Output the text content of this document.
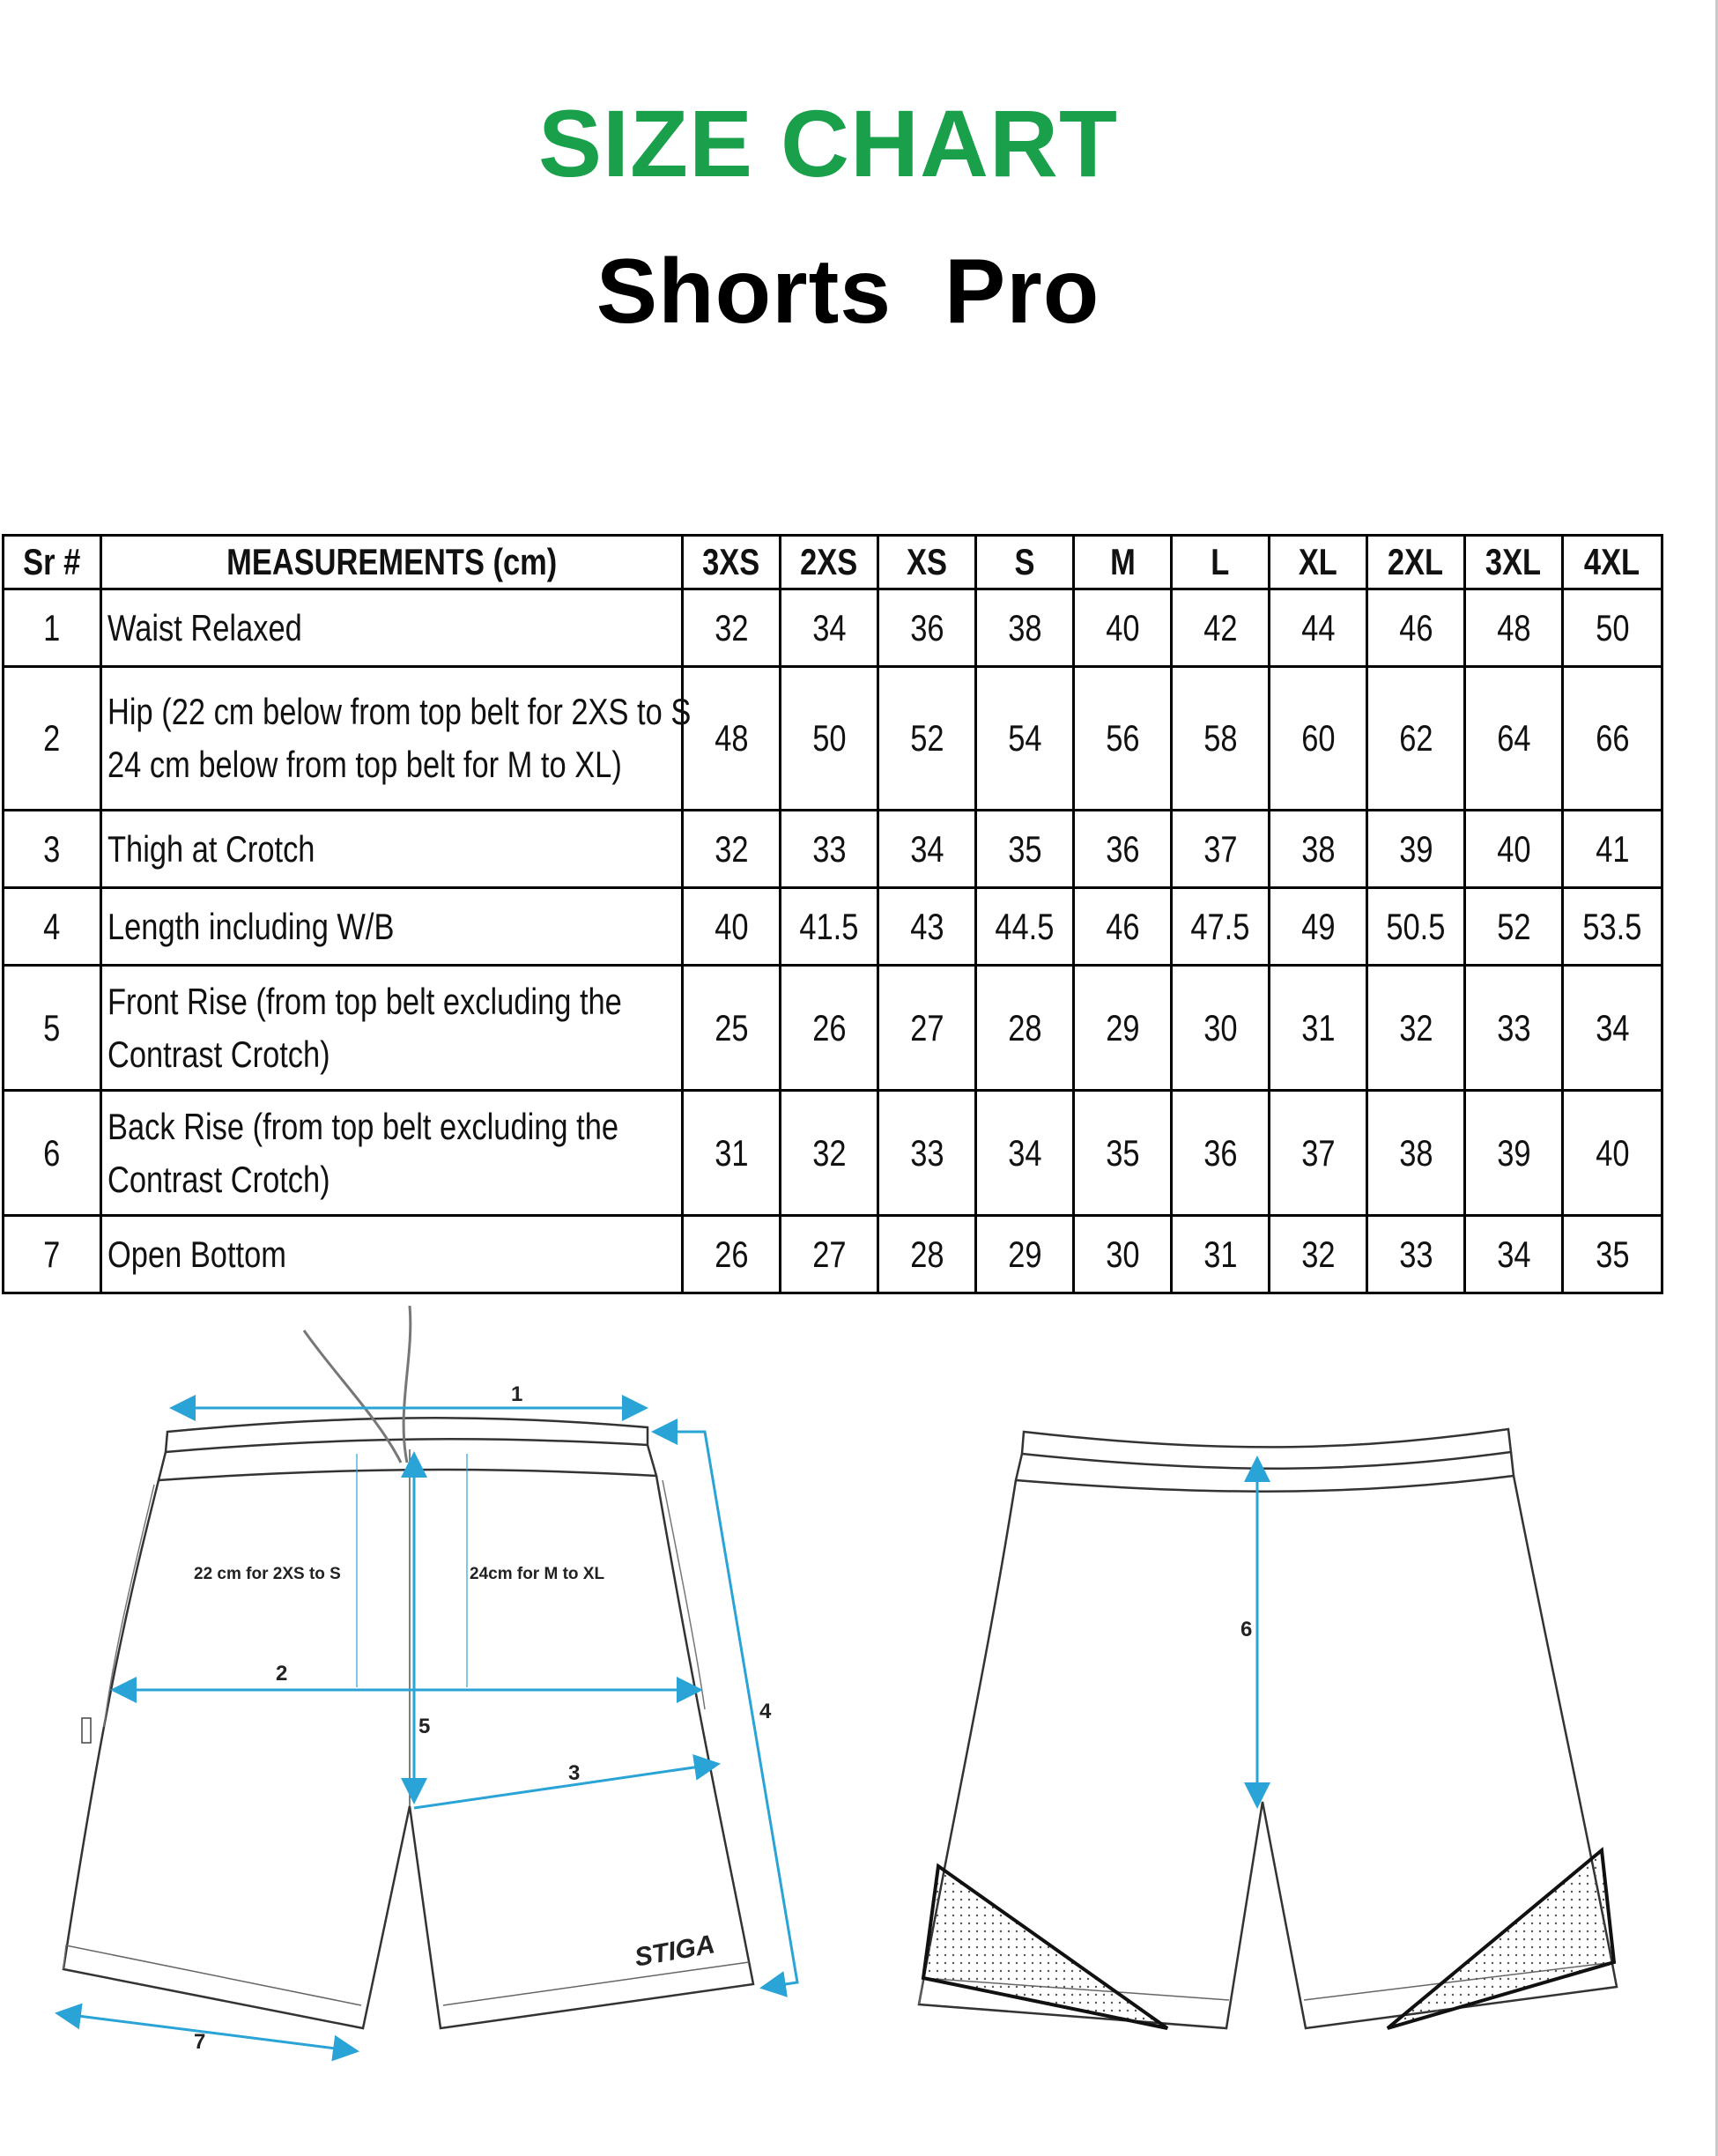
SIZE CHART
Shorts Pro
Sr #	MEASUREMENTS (cm)	3XS	2XS	XS	S	M	L	XL	2XL	3XL	4XL
1	Waist Relaxed	32	34	36	38	40	42	44	46	48	50
2	Hip (22 cm below from top belt for 2XS to S
24 cm below from top belt for M to XL)	48	50	52	54	56	58	60	62	64	66
3	Thigh at Crotch	32	33	34	35	36	37	38	39	40	41
4	Length including W/B	40	41.5	43	44.5	46	47.5	49	50.5	52	53.5
5	Front Rise (from top belt excluding the
Contrast Crotch)	25	26	27	28	29	30	31	32	33	34
6	Back Rise (from top belt excluding the
Contrast Crotch)	31	32	33	34	35	36	37	38	39	40
7	Open Bottom	26	27	28	29	30	31	32	33	34	35
1
2
3
4
5
6
7
22 cm for 2XS to S	24cm for M to XL
STIGA
